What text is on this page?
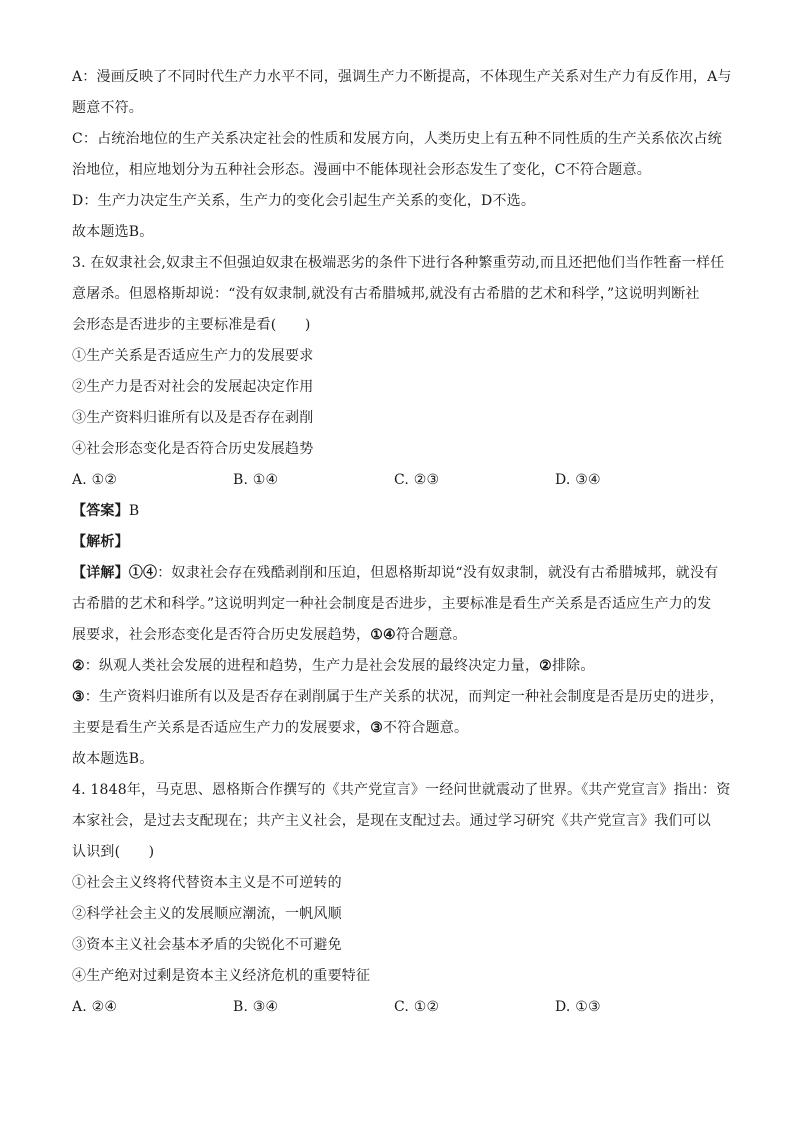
A：漫画反映了不同时代生产力水平不同，强调生产力不断提高，不体现生产关系对生产力有反作用，A与
题意不符。
C：占统治地位的生产关系决定社会的性质和发展方向，人类历史上有五种不同性质的生产关系依次占统
治地位，相应地划分为五种社会形态。漫画中不能体现社会形态发生了变化，C不符合题意。
D：生产力决定生产关系，生产力的变化会引起生产关系的变化，D不选。
故本题选B。
3. 在奴隶社会,奴隶主不但强迫奴隶在极端恶劣的条件下进行各种繁重劳动,而且还把他们当作牲畜一样任
意屠杀。但恩格斯却说：“没有奴隶制,就没有古希腊城邦,就没有古希腊的艺术和科学，”这说明判断社
会形态是否进步的主要标准是看(　　)
①生产关系是否适应生产力的发展要求
②生产力是否对社会的发展起决定作用
③生产资料归谁所有以及是否存在剥削
④社会形态变化是否符合历史发展趋势
A. ①②	B. ①④	C. ②③	D. ③④
【答案】B
【解析】
【详解】①④：奴隶社会存在残酷剥削和压迫，但恩格斯却说“没有奴隶制，就没有古希腊城邦，就没有
古希腊的艺术和科学。”这说明判定一种社会制度是否进步，主要标准是看生产关系是否适应生产力的发
展要求，社会形态变化是否符合历史发展趋势，①④符合题意。
②：纵观人类社会发展的进程和趋势，生产力是社会发展的最终决定力量，②排除。
③：生产资料归谁所有以及是否存在剥削属于生产关系的状况，而判定一种社会制度是否是历史的进步，
主要是看生产关系是否适应生产力的发展要求，③不符合题意。
故本题选B。
4. 1848年，马克思、恩格斯合作撰写的《共产党宣言》一经问世就震动了世界。《共产党宣言》指出：资
本家社会，是过去支配现在；共产主义社会，是现在支配过去。通过学习研究《共产党宣言》我们可以
认识到(　　)
①社会主义终将代替资本主义是不可逆转的
②科学社会主义的发展顺应潮流，一帆风顺
③资本主义社会基本矛盾的尖锐化不可避免
④生产绝对过剩是资本主义经济危机的重要特征
A. ②④	B. ③④	C. ①②	D. ①③
